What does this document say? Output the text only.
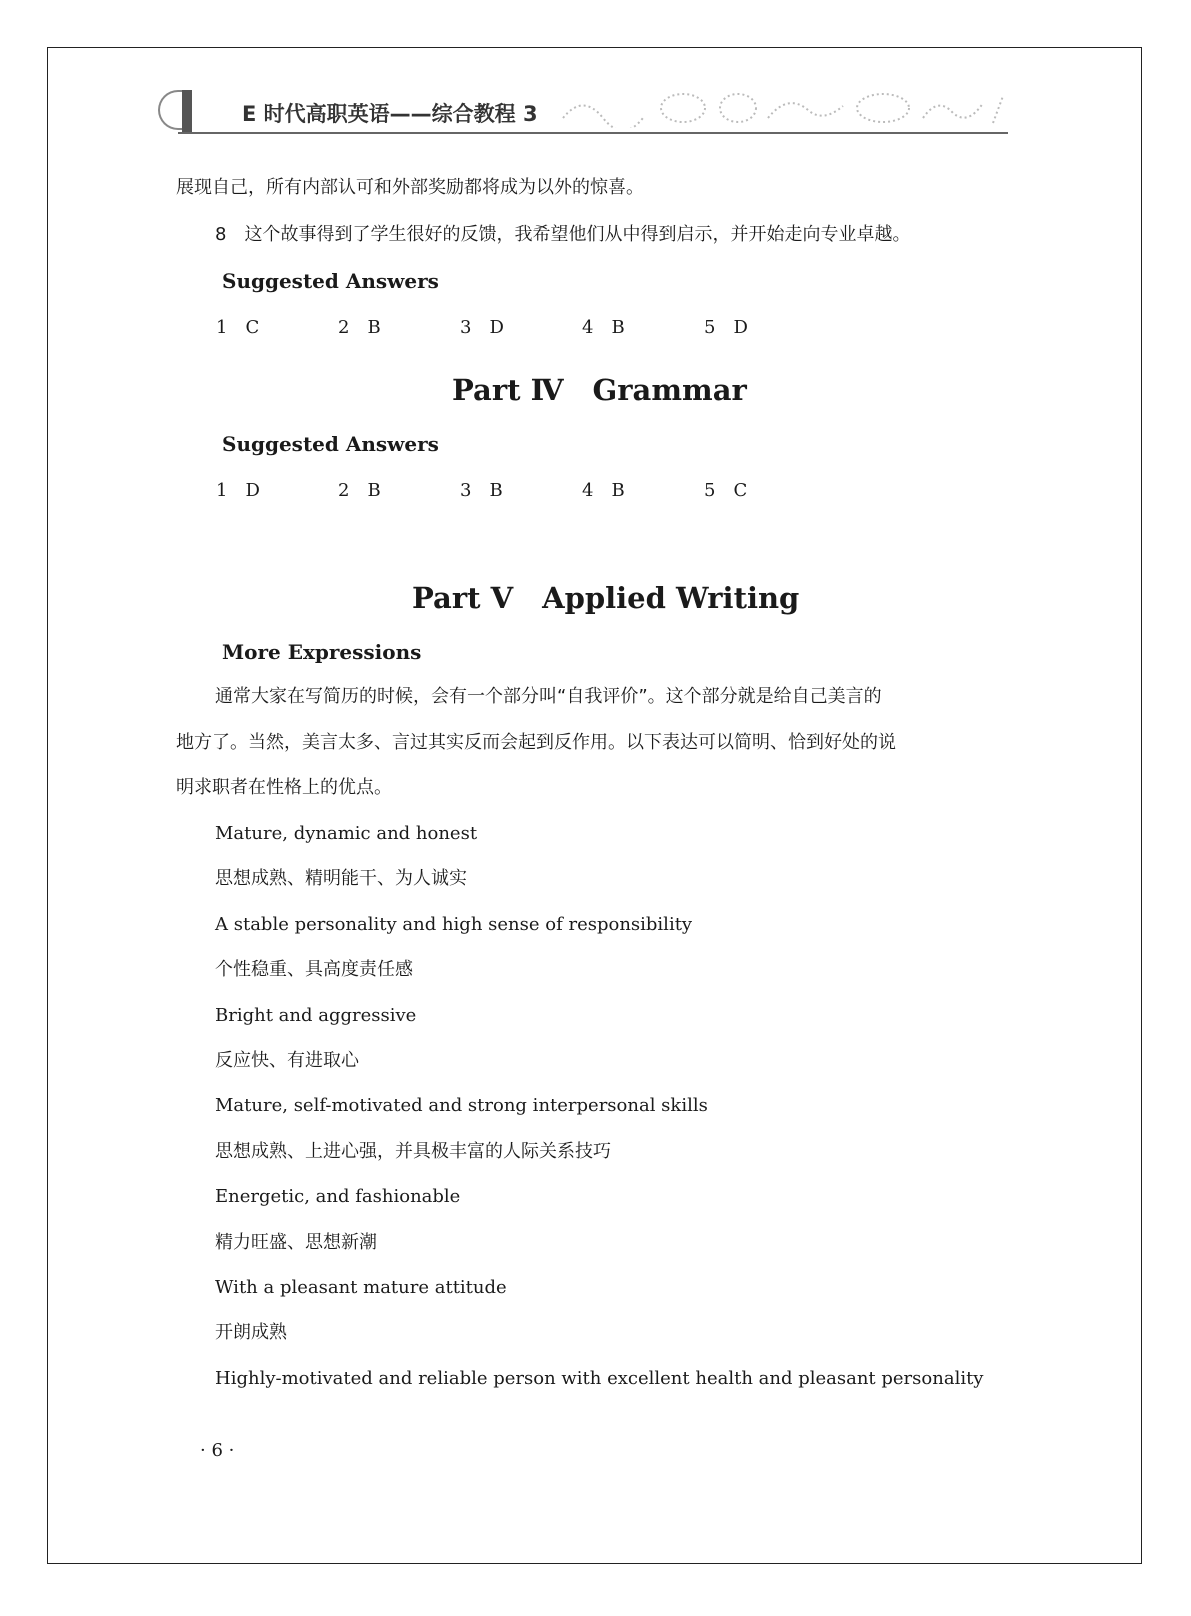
E 时代高职英语——综合教程 3
展现自己，所有内部认可和外部奖励都将成为以外的惊喜。
8　这个故事得到了学生很好的反馈，我希望他们从中得到启示，并开始走向专业卓越。
Suggested Answers
1　C	2　B	3　D	4　B	5　D
Part Ⅳ　Grammar
Suggested Answers
1　D	2　B	3　B	4　B	5　C
Part Ⅴ　Applied Writing
More Expressions
通常大家在写简历的时候，会有一个部分叫“自我评价”。这个部分就是给自己美言的
地方了。当然，美言太多、言过其实反而会起到反作用。以下表达可以简明、恰到好处的说
明求职者在性格上的优点。
Mature, dynamic and honest
思想成熟、精明能干、为人诚实
A stable personality and high sense of responsibility
个性稳重、具高度责任感
Bright and aggressive
反应快、有进取心
Mature, self-motivated and strong interpersonal skills
思想成熟、上进心强，并具极丰富的人际关系技巧
Energetic, and fashionable
精力旺盛、思想新潮
With a pleasant mature attitude
开朗成熟
Highly-motivated and reliable person with excellent health and pleasant personality
· 6 ·
